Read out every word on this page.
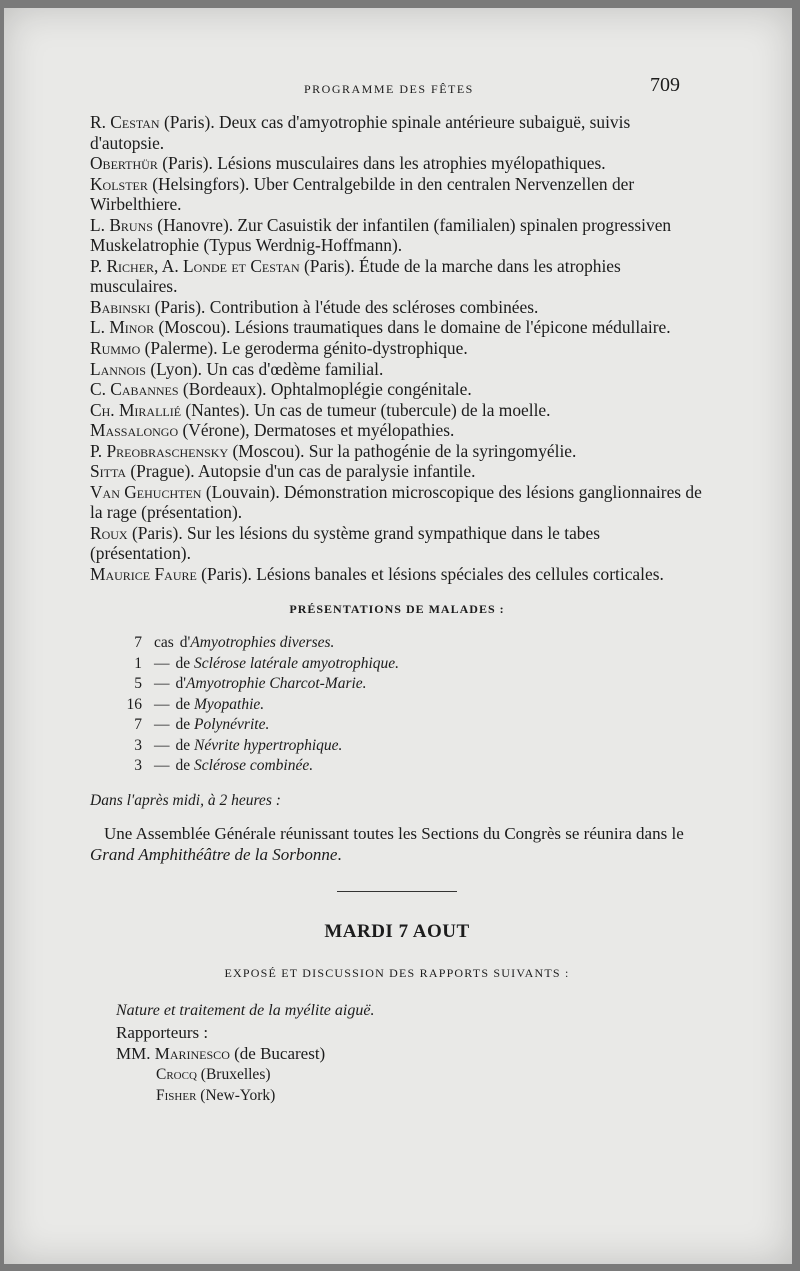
PROGRAMME DES FÊTES	709

R. Cestan (Paris). Deux cas d'amyotrophie spinale antérieure subaiguë, suivis d'autopsie.

Oberthür (Paris). Lésions musculaires dans les atrophies myélopathiques.

Kolster (Helsingfors). Uber Centralgebilde in den centralen Nervenzellen der Wirbelthiere.

L. Bruns (Hanovre). Zur Casuistik der infantilen (familialen) spinalen progressiven Muskelatrophie (Typus Werdnig-Hoffmann).

P. Richer, A. Londe et Cestan (Paris). Étude de la marche dans les atrophies musculaires.

Babinski (Paris). Contribution à l'étude des scléroses combinées.

L. Minor (Moscou). Lésions traumatiques dans le domaine de l'épicone médullaire.

Rummo (Palerme). Le geroderma génito-dystrophique.

Lannois (Lyon). Un cas d'œdème familial.

C. Cabannes (Bordeaux). Ophtalmoplégie congénitale.

Ch. Mirallié (Nantes). Un cas de tumeur (tubercule) de la moelle.

Massalongo (Vérone), Dermatoses et myélopathies.

P. Preobraschensky (Moscou). Sur la pathogénie de la syringomyélie.

Sitta (Prague). Autopsie d'un cas de paralysie infantile.

Van Gehuchten (Louvain). Démonstration microscopique des lésions ganglionnaires de la rage (présentation).

Roux (Paris). Sur les lésions du système grand sympathique dans le tabes (présentation).

Maurice Faure (Paris). Lésions banales et lésions spéciales des cellules corticales.

PRÉSENTATIONS DE MALADES :
7 cas d' Amyotrophies diverses.
1 — de
Sclérose latérale amyotrophique.
5 — d' Amyotrophie Charcot-Marie.
16 — de
Myopathie.
7 — de
Polynévrite.
3 — de
Névrite hypertrophique.
3 — de
Sclérose combinée.
Dans l'après midi, à 2 heures :

Une Assemblée Générale réunissant toutes les Sections du Congrès se réunira dans le Grand Amphithéâtre de la Sorbonne.

MARDI 7 AOUT
EXPOSÉ ET DISCUSSION DES RAPPORTS SUIVANTS :
Nature et traitement de la myélite aiguë.
Rapporteurs :
MM. Marinesco (de Bucarest)
Crocq (Bruxelles)
Fisher (New-York)
